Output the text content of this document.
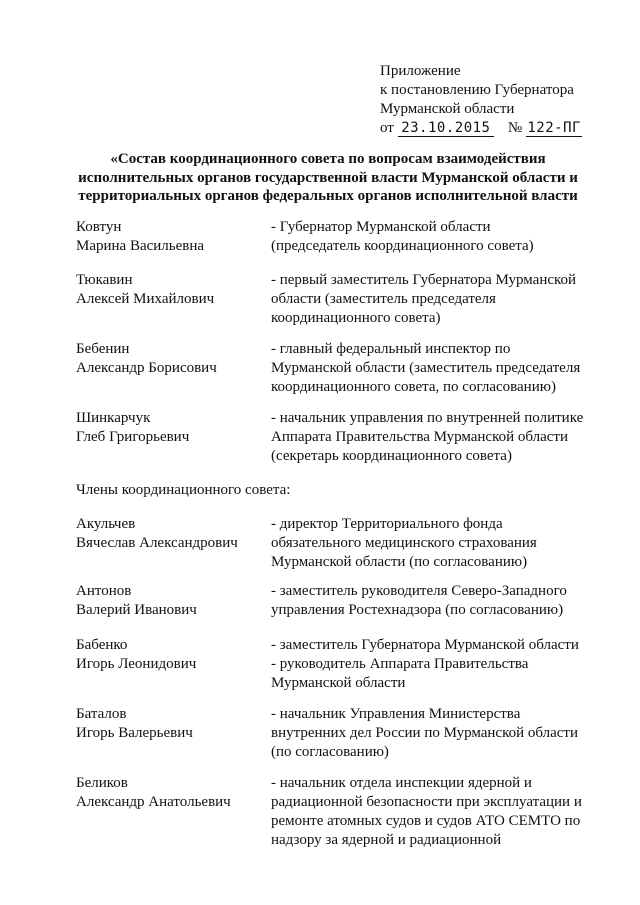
Приложение
к постановлению Губернатора
Мурманской области
от 23.10.2015 № 122-ПГ
«Состав координационного совета по вопросам взаимодействия
исполнительных органов государственной власти Мурманской области и
территориальных органов федеральных органов исполнительной власти
Ковтун
Марина Васильевна
- Губернатор Мурманской области
(председатель координационного совета)
Тюкавин
Алексей Михайлович
- первый заместитель Губернатора Мурманской
области (заместитель председателя
координационного совета)
Бебенин
Александр Борисович
- главный федеральный инспектор по
Мурманской области (заместитель председателя
координационного совета, по согласованию)
Шинкарчук
Глеб Григорьевич
- начальник управления по внутренней политике
Аппарата Правительства Мурманской области
(секретарь координационного совета)
Члены координационного совета:
Акульчев
Вячеслав Александрович
- директор Территориального фонда
обязательного медицинского страхования
Мурманской области (по согласованию)
Антонов
Валерий Иванович
- заместитель руководителя Северо-Западного
управления Ростехнадзора (по согласованию)
Бабенко
Игорь Леонидович
- заместитель Губернатора Мурманской области
- руководитель Аппарата Правительства
Мурманской области
Баталов
Игорь Валерьевич
- начальник Управления Министерства
внутренних дел России по Мурманской области
(по согласованию)
Беликов
Александр Анатольевич
- начальник отдела инспекции ядерной и
радиационной безопасности при эксплуатации и
ремонте атомных судов и судов АТО СЕМТО по
надзору за ядерной и радиационной
